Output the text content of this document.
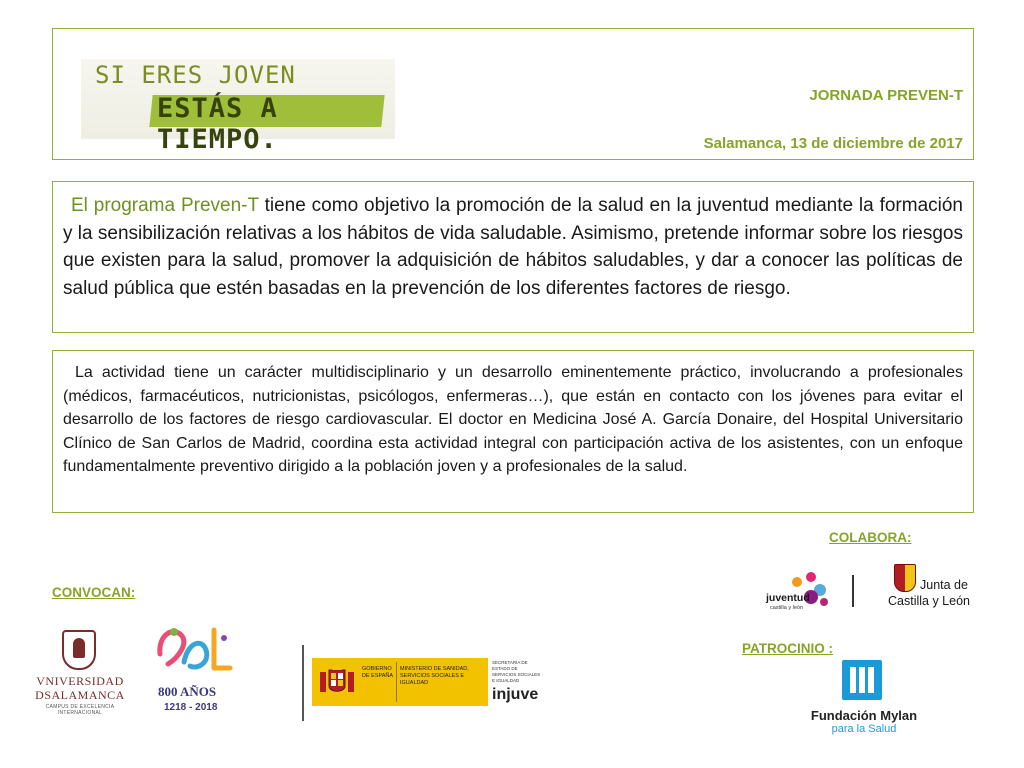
SI ERES JOVEN
ESTÁS A TIEMPO.
JORNADA PREVEN-T
Salamanca, 13 de diciembre de 2017

El programa Preven-T tiene como objetivo la promoción de la salud en la juventud mediante la formación y la sensibilización relativas a los hábitos de vida saludable. Asimismo, pretende informar sobre los riesgos que existen para la salud, promover la adquisición de hábitos saludables, y dar a conocer las políticas de salud pública que estén basadas en la prevención de los diferentes factores de riesgo.

La actividad tiene un carácter multidisciplinario y un desarrollo eminentemente práctico, involucrando a profesionales (médicos, farmacéuticos, nutricionistas, psicólogos, enfermeras…), que están en contacto con los jóvenes para evitar el desarrollo de los factores de riesgo cardiovascular. El doctor en Medicina José A. García Donaire, del Hospital Universitario Clínico de San Carlos de Madrid, coordina esta actividad integral con participación activa de los asistentes, con un enfoque fundamentalmente preventivo dirigido a la población joven y a profesionales de la salud.

COLABORA:
CONVOCAN:
PATROCINIO :
VNIVERSIDAD
DSALAMANCA
CAMPUS DE EXCELENCIA INTERNACIONAL
800 AÑOS
1218 - 2018
GOBIERNO DE ESPAÑA
MINISTERIO DE SANIDAD, SERVICIOS SOCIALES E IGUALDAD
SECRETARÍA DE ESTADO DE SERVICIOS SOCIALES E IGUALDAD
injuve
juventud
castilla y león
Junta de
Castilla y León
Fundación Mylan
para la Salud
